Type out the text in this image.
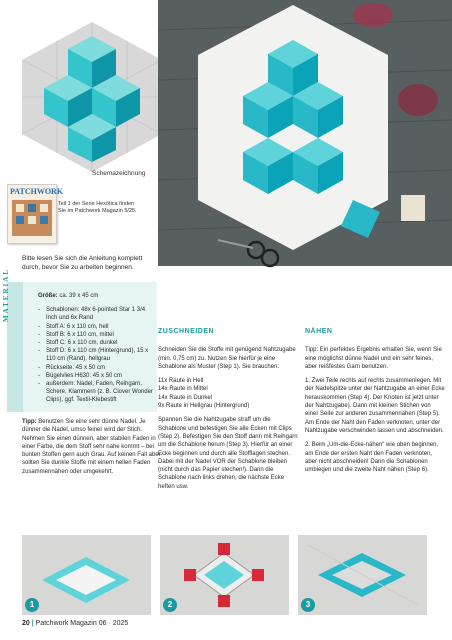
Schemazeichnung
PATCHWORK
Teil 1 der Serie Hexötica finden Sie im Patchwork Magazin 5/25.
Bitte lesen Sie sich die Anleitung komplett durch, bevor Sie zu arbeiten beginnen.
MATERIAL	Größe: ca. 39 x 45 cm

- Schablonen: 48x 6-pointed Star 1 3/4 Inch und 6x Rand

- Stoff A: 6 x 110 cm, hell

- Stoff B: 6 x 110 cm, mittel

- Stoff C: 6 x 110 cm, dunkel

- Stoff D: 6 x 110 cm (Hintergrund), 15 x 110 cm (Rand), hellgrau

- Rückseite: 45 x 50 cm

- Bügelvlies H630: 45 x 50 cm

- außerdem: Nadel, Faden, Reihgarn, Schere, Klammern (z. B. Clover Wonder Clips), ggf. Textil-Klebestift

Tipp: Benutzen Sie eine sehr dünne Nadel. Je dünner die Nadel, umso feiner wird der Stich. Nehmen Sie einen dünnen, aber stabilen Faden in einer Farbe, die dem Stoff sehr nahe kommt – bei bunten Stoffen gern auch Grau. Auf keinen Fall aber sollten Sie dunkle Stoffe mit einem hellen Faden zusammennähen oder umgekehrt.
ZUSCHNEIDEN

Schneiden Sie die Stoffe mit genügend Nahtzugabe (min. 0,75 cm) zu. Nutzen Sie hierfür je eine Schablone als Muster (Step 1). Sie brauchen:

11x Raute in Hell
14x Raute in Mittel
14x Raute in Dunkel

9x Raute in Hellgrau (Hintergrund)

Spannen Sie die Nahtzugabe straff um die Schablone und befestigen Sie alle Ecken mit Clips (Step 2). Befestigen Sie den Stoff dann mit Reihgarn um die Schablone herum (Step 3). Hierfür an einer Ecke beginnen und durch alle Stofflagen stechen. Dabei mit der Nadel VOR der Schablone bleiben (nicht durch das Papier stechen!). Dann die Schablone nach links drehen, die nächste Ecke heften usw.

NÄHEN

Tipp: Ein perfektes Ergebnis erhalten Sie, wenn Sie eine möglichst dünne Nadel und ein sehr feines, aber reißfestes Garn benutzen.

1. Zwei Teile rechts auf rechts zusammenlegen. Mit der Nadelspitze unter der Nahtzugabe an einer Ecke herauskommen (Step 4). Der Knoten ist jetzt unter der Nahtzugabe). Dann mit kleinen Stichen von einer Seite zur anderen zusammennähen (Step 5). Am Ende der Naht den Faden verknoten, unter der Nahtzugabe verschwinden lassen und abschneiden.

2. Beim „Um-die-Ecke-nähen“ wie oben beginnen, am Ende der ersten Naht den Faden verknoten, aber nicht abschneiden! Dann die Schablonen umbiegen und die zweite Naht nähen (Step 6).

1	2	3
20 | Patchwork Magazin 06 · 2025
